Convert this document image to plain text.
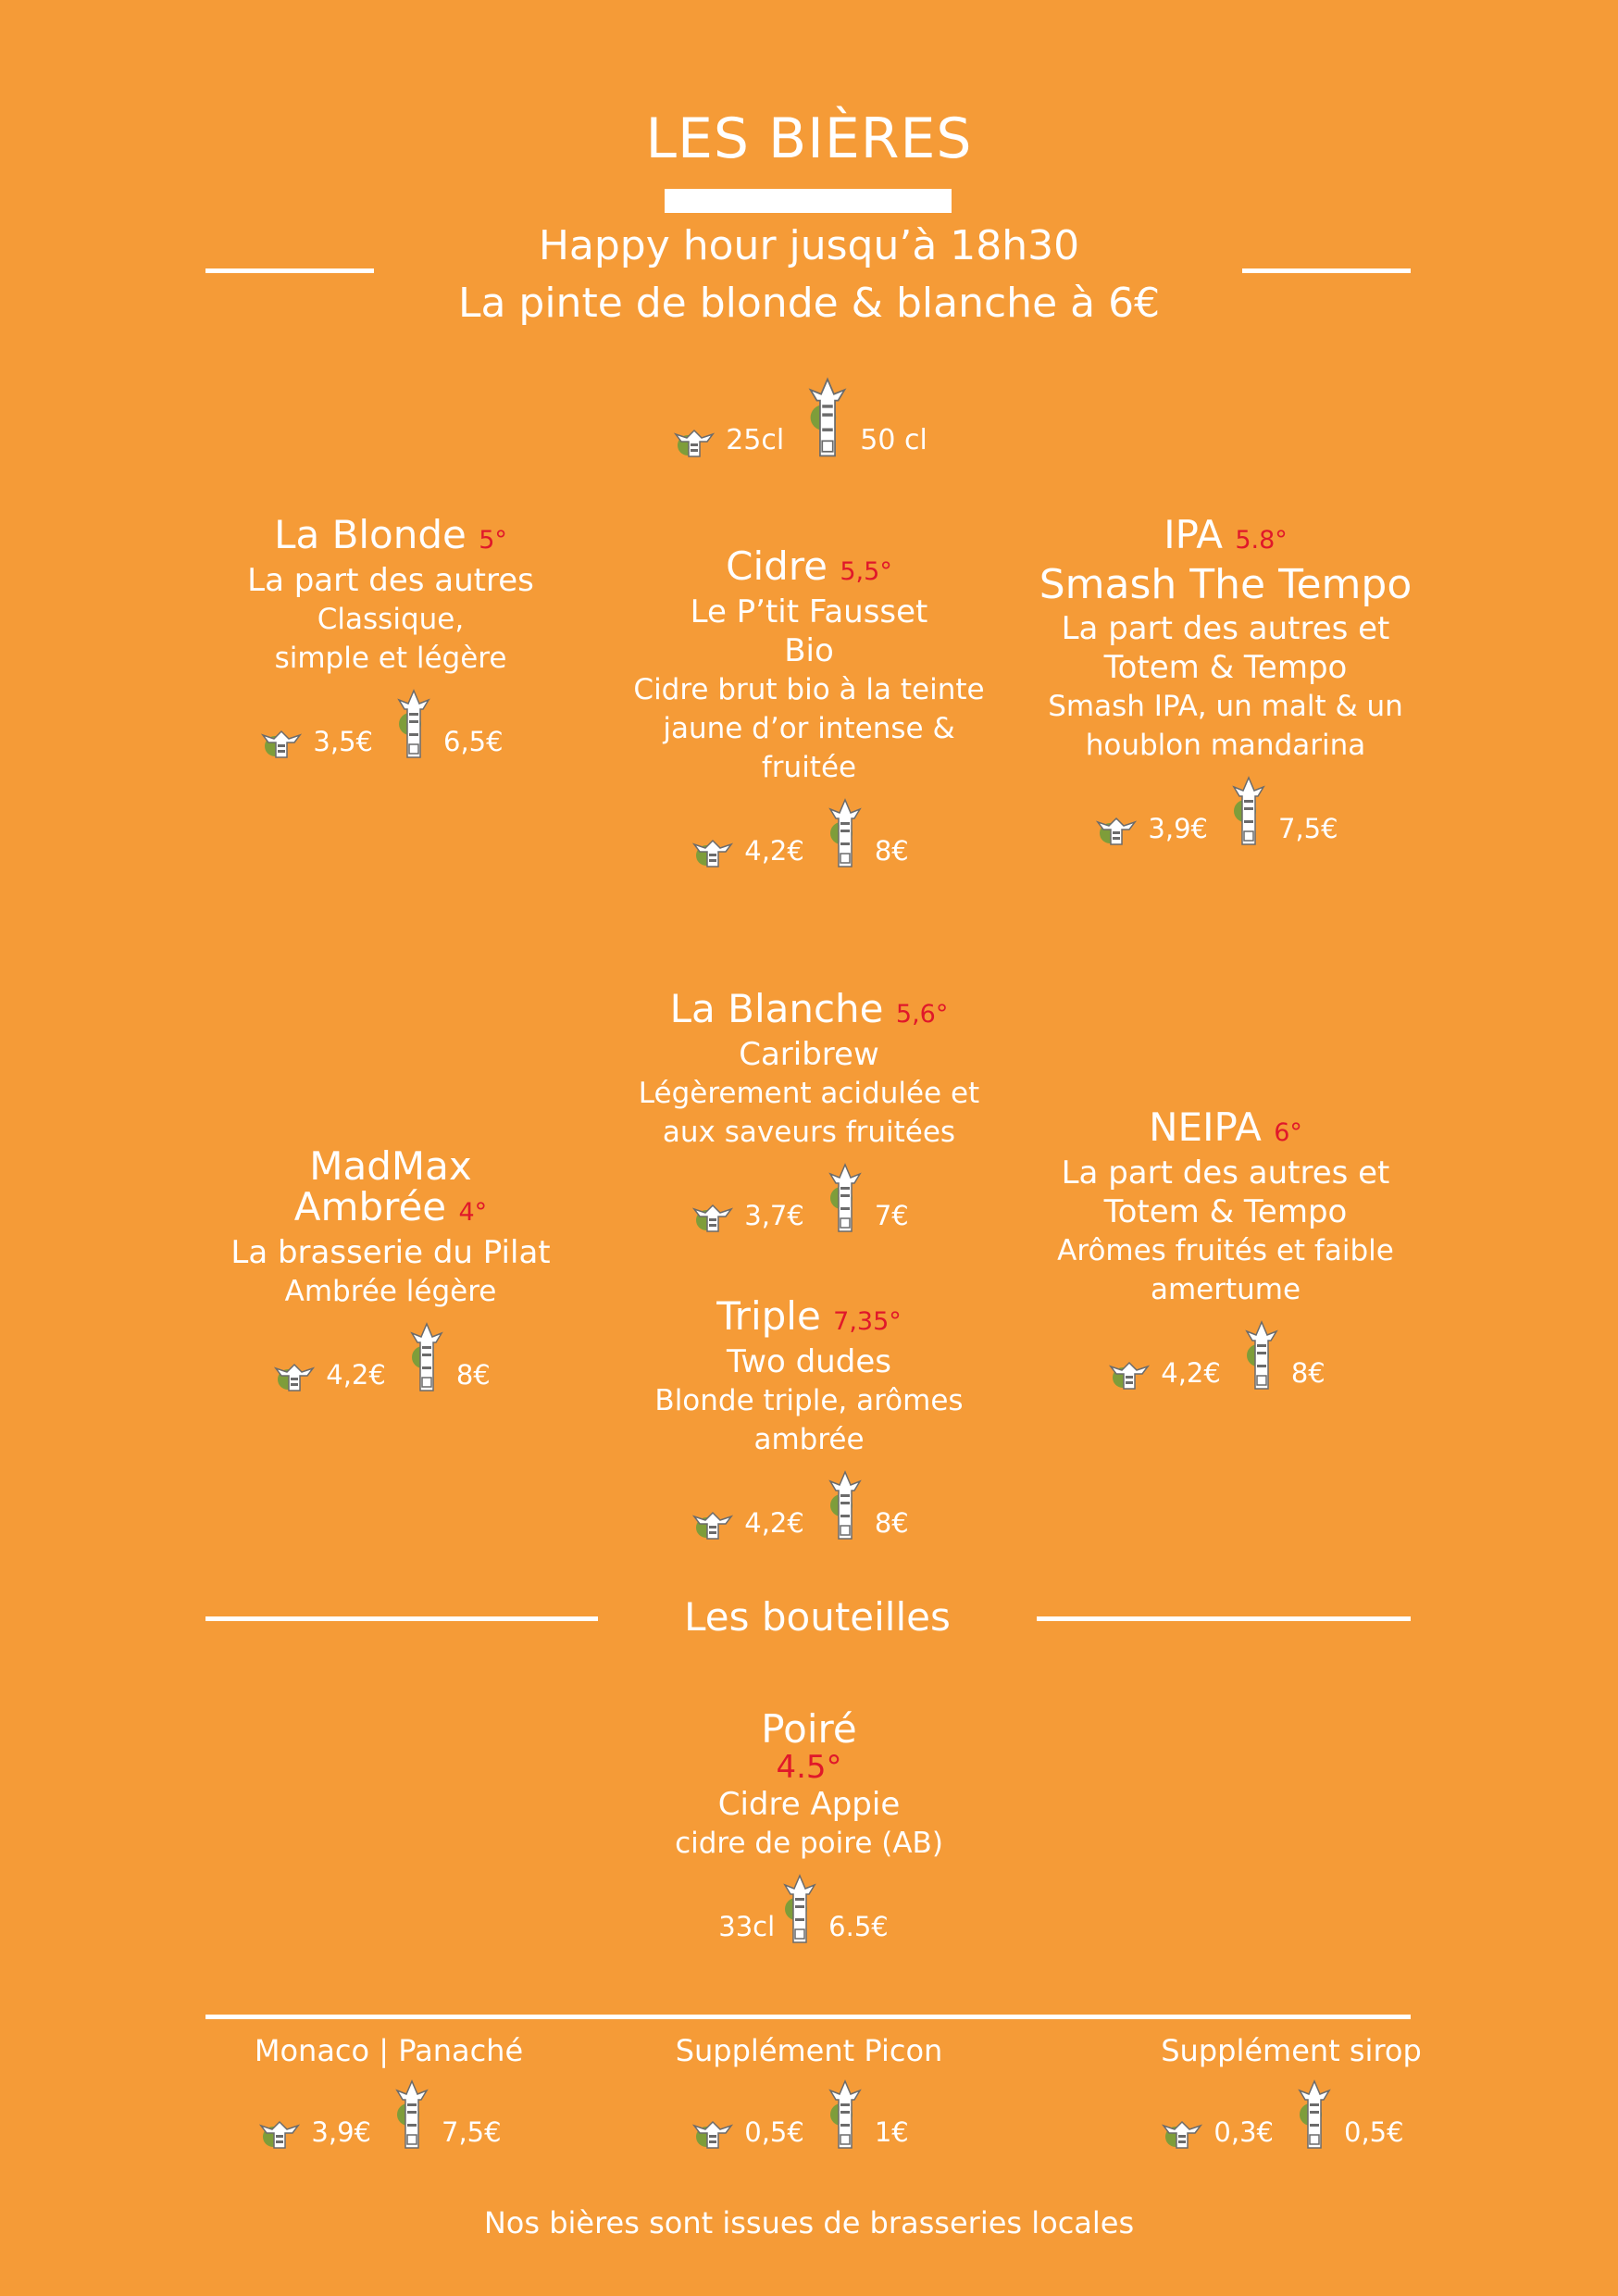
LES BIÈRES
Happy hour jusqu’à 18h30
La pinte de blonde & blanche à 6€
25cl	50 cl
La Blonde 5°
La part des autres
Classique,
simple et légère
3,5€	6,5€
Cidre 5,5°
Le P’tit Fausset
Bio
Cidre brut bio à la teinte
jaune d’or intense &
fruitée
4,2€	8€
IPA 5.8°
Smash The Tempo
La part des autres et
Totem & Tempo
Smash IPA, un malt & un
houblon mandarina
3,9€	7,5€
La Blanche 5,6°
Caribrew
Légèrement acidulée et
aux saveurs fruitées
3,7€	7€
MadMax
Ambrée 4°
La brasserie du Pilat
Ambrée légère
4,2€	8€
NEIPA 6°
La part des autres et
Totem & Tempo
Arômes fruités et faible
amertume
4,2€	8€
Triple 7,35°
Two dudes
Blonde triple, arômes
ambrée
4,2€	8€
Les bouteilles
Poiré
4.5°
Cidre Appie
cidre de poire (AB)
33cl 6.5€
Monaco | Panaché
3,9€	7,5€
Supplément Picon
0,5€	1€
Supplément sirop
0,3€	0,5€
Nos bières sont issues de brasseries locales
